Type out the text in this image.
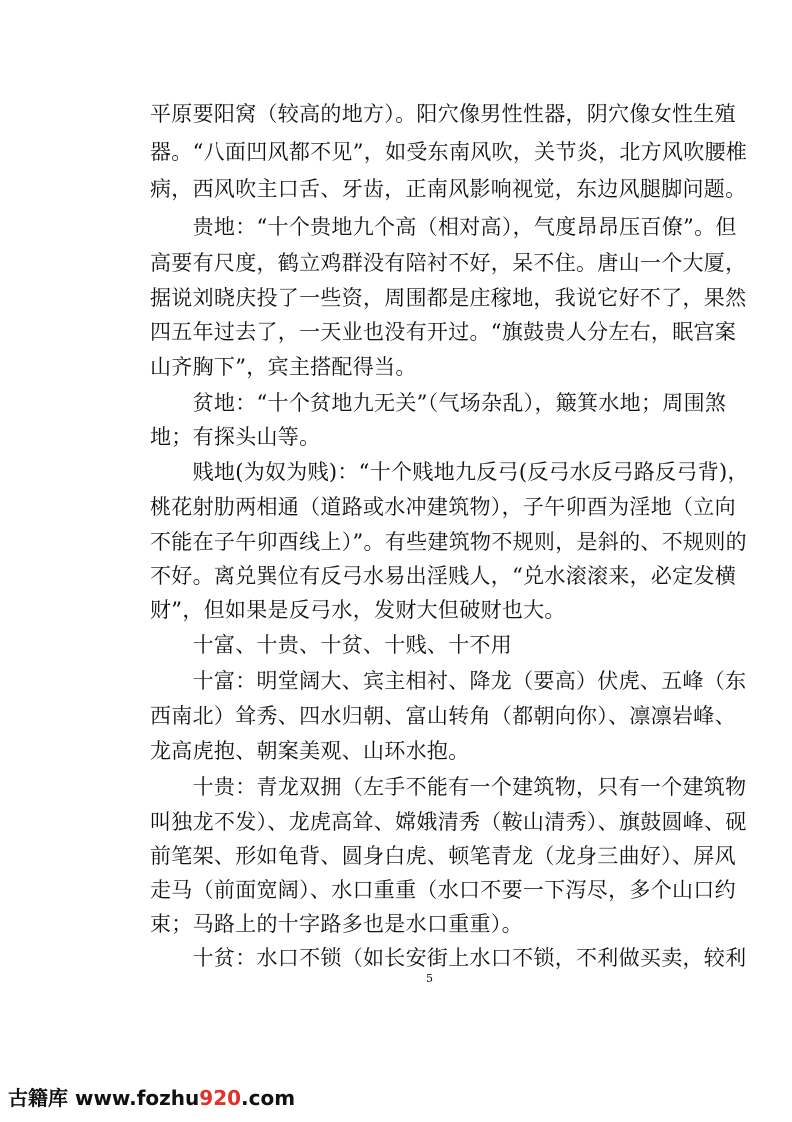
平原要阳窝（较高的地方）。阳穴像男性性器，阴穴像女性生殖
器。“八面凹风都不见”，如受东南风吹，关节炎，北方风吹腰椎
病，西风吹主口舌、牙齿，正南风影响视觉，东边风腿脚问题。
　　贵地：“十个贵地九个高（相对高），气度昂昂压百僚”。但
高要有尺度，鹤立鸡群没有陪衬不好，呆不住。唐山一个大厦，
据说刘晓庆投了一些资，周围都是庄稼地，我说它好不了，果然
四五年过去了，一天业也没有开过。“旗鼓贵人分左右，眠宫案
山齐胸下”，宾主搭配得当。
　　贫地：“十个贫地九无关”（气场杂乱），簸箕水地；周围煞
地；有探头山等。
　　贱地(为奴为贱)：“十个贱地九反弓(反弓水反弓路反弓背)，
桃花射肋两相通（道路或水冲建筑物），子午卯酉为淫地（立向
不能在子午卯酉线上）”。有些建筑物不规则，是斜的、不规则的
不好。离兑巽位有反弓水易出淫贱人，“兑水滚滚来，必定发横
财”，但如果是反弓水，发财大但破财也大。
　　十富、十贵、十贫、十贱、十不用
　　十富：明堂阔大、宾主相衬、降龙（要高）伏虎、五峰（东
西南北）耸秀、四水归朝、富山转角（都朝向你）、凛凛岩峰、
龙高虎抱、朝案美观、山环水抱。
　　十贵：青龙双拥（左手不能有一个建筑物，只有一个建筑物
叫独龙不发）、龙虎高耸、嫦娥清秀（鞍山清秀）、旗鼓圆峰、砚
前笔架、形如龟背、圆身白虎、顿笔青龙（龙身三曲好）、屏风
走马（前面宽阔）、水口重重（水口不要一下泻尽，多个山口约
束；马路上的十字路多也是水口重重）。
　　十贫：水口不锁（如长安街上水口不锁，不利做买卖，较利
5
古籍库 www.fozhu920.com
